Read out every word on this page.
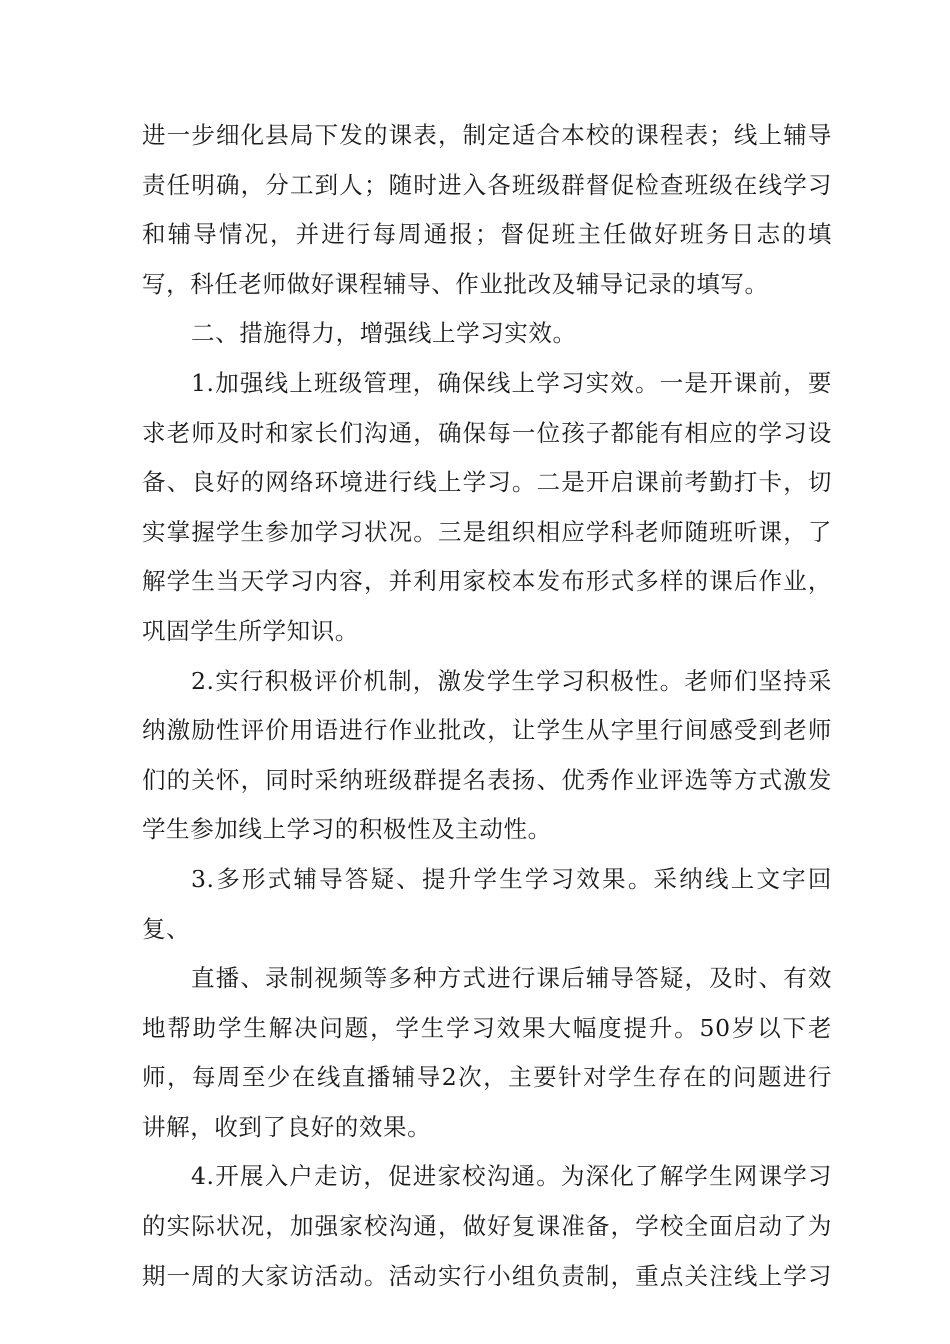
进一步细化县局下发的课表，制定适合本校的课程表；线上辅导
责任明确，分工到人；随时进入各班级群督促检查班级在线学习
和辅导情况，并进行每周通报；督促班主任做好班务日志的填
写，科任老师做好课程辅导、作业批改及辅导记录的填写。
二、措施得力，增强线上学习实效。
1.加强线上班级管理，确保线上学习实效。一是开课前，要
求老师及时和家长们沟通，确保每一位孩子都能有相应的学习设
备、良好的网络环境进行线上学习。二是开启课前考勤打卡，切
实掌握学生参加学习状况。三是组织相应学科老师随班听课，了
解学生当天学习内容，并利用家校本发布形式多样的课后作业，
巩固学生所学知识。
2.实行积极评价机制，激发学生学习积极性。老师们坚持采
纳激励性评价用语进行作业批改，让学生从字里行间感受到老师
们的关怀，同时采纳班级群提名表扬、优秀作业评选等方式激发
学生参加线上学习的积极性及主动性。
3.多形式辅导答疑、提升学生学习效果。采纳线上文字回
复、
直播、录制视频等多种方式进行课后辅导答疑，及时、有效
地帮助学生解决问题，学生学习效果大幅度提升。50岁以下老
师，每周至少在线直播辅导2次，主要针对学生存在的问题进行
讲解，收到了良好的效果。
4.开展入户走访，促进家校沟通。为深化了解学生网课学习
的实际状况，加强家校沟通，做好复课准备，学校全面启动了为
期一周的大家访活动。活动实行小组负责制，重点关注线上学习
